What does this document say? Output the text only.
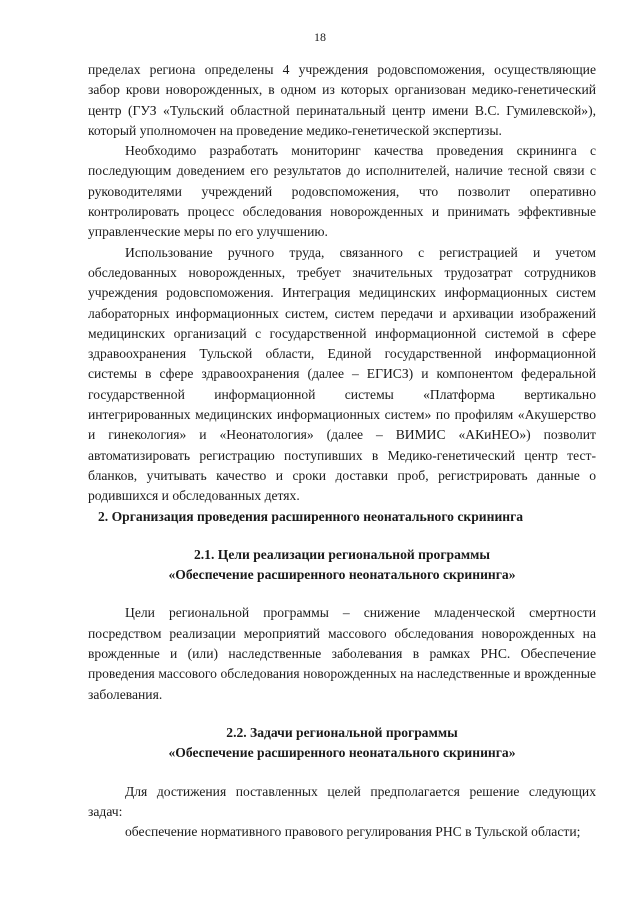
18

пределах региона определены 4 учреждения родовспоможения, осуществляющие забор крови новорожденных, в одном из которых организован медико-генетический центр (ГУЗ «Тульский областной перинатальный центр имени В.С. Гумилевской»), который уполномочен на проведение медико-генетической экспертизы.

Необходимо разработать мониторинг качества проведения скрининга с последующим доведением его результатов до исполнителей, наличие тесной связи с руководителями учреждений родовспоможения, что позволит оперативно контролировать процесс обследования новорожденных и принимать эффективные управленческие меры по его улучшению.

Использование ручного труда, связанного с регистрацией и учетом обследованных новорожденных, требует значительных трудозатрат сотрудников учреждения родовспоможения. Интеграция медицинских информационных систем лабораторных информационных систем, систем передачи и архивации изображений медицинских организаций с государственной информационной системой в сфере здравоохранения Тульской области, Единой государственной информационной системы в сфере здравоохранения (далее – ЕГИСЗ) и компонентом федеральной государственной информационной системы «Платформа вертикально интегрированных медицинских информационных систем» по профилям «Акушерство и гинекология» и «Неонатология» (далее – ВИМИС «АКиНЕО») позволит автоматизировать регистрацию поступивших в Медико-генетический центр тест-бланков, учитывать качество и сроки доставки проб, регистрировать данные о родившихся и обследованных детях.

2. Организация проведения расширенного неонатального скрининга

2.1. Цели реализации региональной программы
«Обеспечение расширенного неонатального скрининга»

Цели региональной программы – снижение младенческой смертности посредством реализации мероприятий массового обследования новорожденных на врожденные и (или) наследственные заболевания в рамках РНС. Обеспечение проведения массового обследования новорожденных на наследственные и врожденные заболевания.

2.2. Задачи региональной программы
«Обеспечение расширенного неонатального скрининга»

Для достижения поставленных целей предполагается решение следующих задач:

обеспечение нормативного правового регулирования РНС в Тульской области;
